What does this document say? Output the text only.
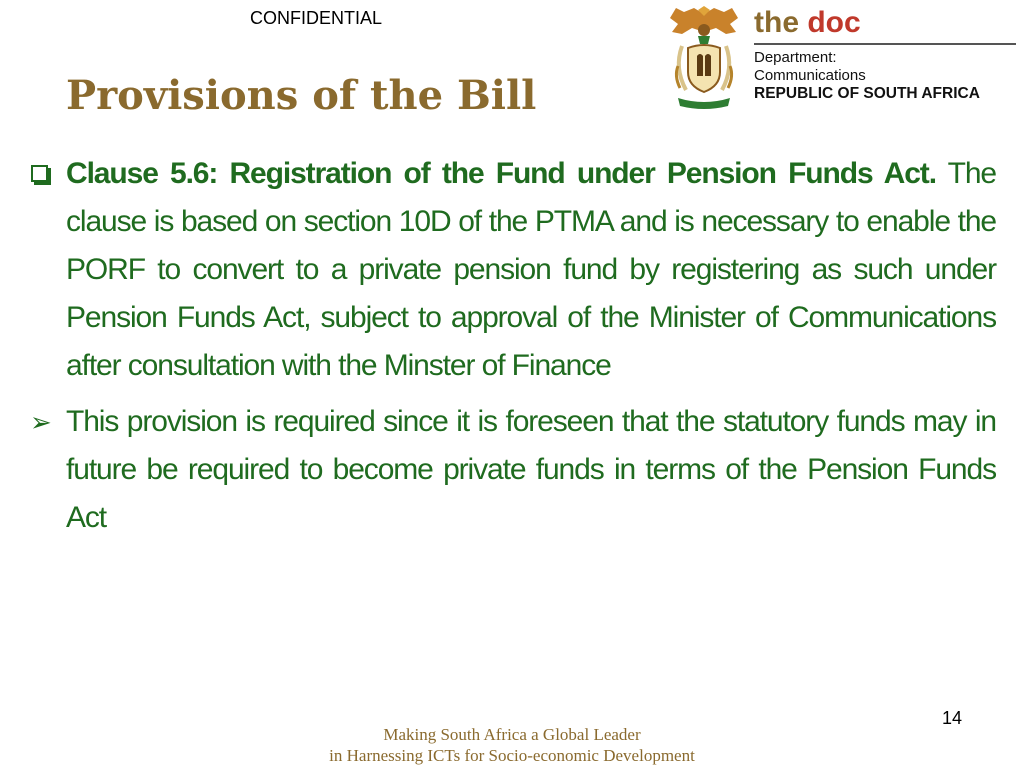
CONFIDENTIAL
Provisions of the Bill
the doc
Department:
Communications
REPUBLIC OF SOUTH AFRICA
Clause 5.6: Registration of the Fund under Pension Funds Act. The clause is based on section 10D of the PTMA and is necessary to enable the PORF to convert to a private pension fund by registering as such under Pension Funds Act, subject to approval of the Minister of Communications after consultation with the Minster of Finance
➢ This provision is required since it is foreseen that the statutory funds may in future be required to become private funds in terms of the Pension Funds Act
14
Making South Africa a Global Leader
in Harnessing ICTs for Socio-economic Development
